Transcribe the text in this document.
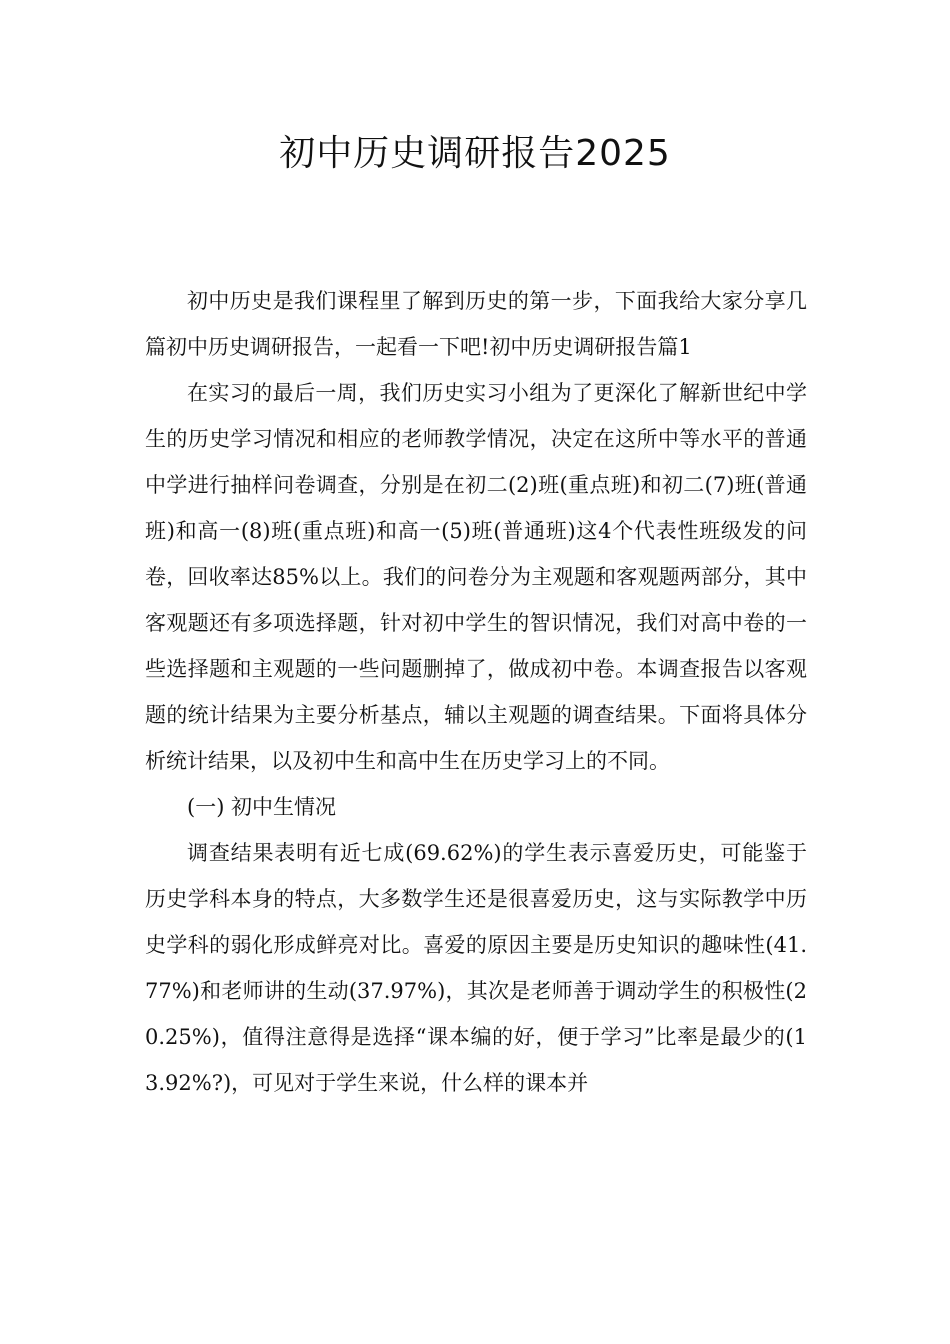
初中历史调研报告2025

初中历史是我们课程里了解到历史的第一步，下面我给大家分享几篇初中历史调研报告，一起看一下吧!初中历史调研报告篇1

在实习的最后一周，我们历史实习小组为了更深化了解新世纪中学生的历史学习情况和相应的老师教学情况，决定在这所中等水平的普通中学进行抽样问卷调查，分别是在初二(2)班(重点班)和初二(7)班(普通班)和高一(8)班(重点班)和高一(5)班(普通班)这4个代表性班级发的问卷，回收率达85%以上。我们的问卷分为主观题和客观题两部分，其中客观题还有多项选择题，针对初中学生的智识情况，我们对高中卷的一些选择题和主观题的一些问题删掉了，做成初中卷。本调查报告以客观题的统计结果为主要分析基点，辅以主观题的调查结果。下面将具体分析统计结果，以及初中生和高中生在历史学习上的不同。

(一) 初中生情况

调查结果表明有近七成(69.62%)的学生表示喜爱历史，可能鉴于历史学科本身的特点，大多数学生还是很喜爱历史，这与实际教学中历史学科的弱化形成鲜亮对比。喜爱的原因主要是历史知识的趣味性(41.77%)和老师讲的生动(37.97%)，其次是老师善于调动学生的积极性(20.25%)，值得注意得是选择“课本编的好，便于学习”比率是最少的(13.92%?)，可见对于学生来说，什么样的课本并
